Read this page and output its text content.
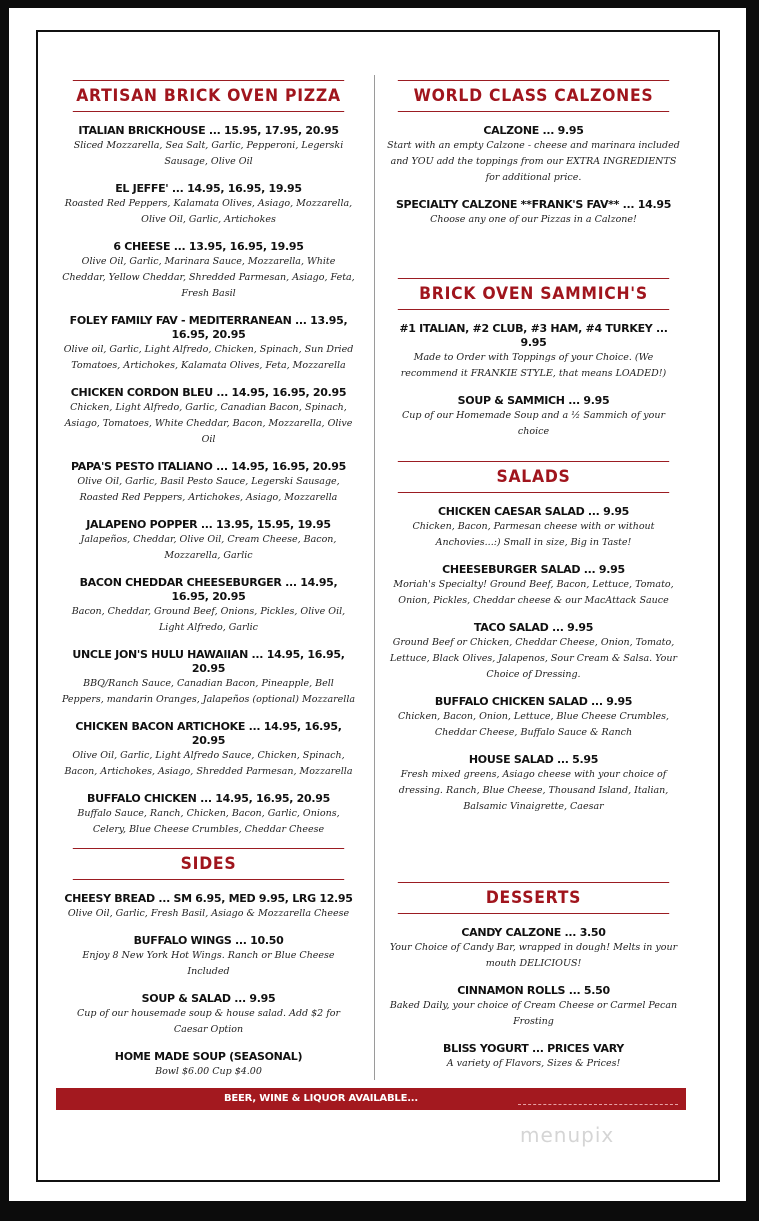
ARTISAN BRICK OVEN PIZZA
ITALIAN BRICKHOUSE ... 15.95, 17.95, 20.95
Sliced Mozzarella, Sea Salt, Garlic, Pepperoni, Legerski Sausage, Olive Oil
EL JEFFE' ... 14.95, 16.95, 19.95
Roasted Red Peppers, Kalamata Olives, Asiago, Mozzarella, Olive Oil, Garlic, Artichokes
6 CHEESE ... 13.95, 16.95, 19.95
Olive Oil, Garlic, Marinara Sauce, Mozzarella, White Cheddar, Yellow Cheddar, Shredded Parmesan, Asiago, Feta, Fresh Basil
FOLEY FAMILY FAV - MEDITERRANEAN ... 13.95, 16.95, 20.95
Olive oil, Garlic, Light Alfredo, Chicken, Spinach, Sun Dried Tomatoes, Artichokes, Kalamata Olives, Feta, Mozzarella
CHICKEN CORDON BLEU ... 14.95, 16.95, 20.95
Chicken, Light Alfredo, Garlic, Canadian Bacon, Spinach, Asiago, Tomatoes, White Cheddar, Bacon, Mozzarella, Olive Oil
PAPA'S PESTO ITALIANO ... 14.95, 16.95, 20.95
Olive Oil, Garlic, Basil Pesto Sauce, Legerski Sausage, Roasted Red Peppers, Artichokes, Asiago, Mozzarella
JALAPENO POPPER ... 13.95, 15.95, 19.95
Jalapeños, Cheddar, Olive Oil, Cream Cheese, Bacon, Mozzarella, Garlic
BACON CHEDDAR CHEESEBURGER ... 14.95, 16.95, 20.95
Bacon, Cheddar, Ground Beef, Onions, Pickles, Olive Oil, Light Alfredo, Garlic
UNCLE JON'S HULU HAWAIIAN ... 14.95, 16.95, 20.95
BBQ/Ranch Sauce, Canadian Bacon, Pineapple, Bell Peppers, mandarin Oranges, Jalapeños (optional) Mozzarella
CHICKEN BACON ARTICHOKE ... 14.95, 16.95, 20.95
Olive Oil, Garlic, Light Alfredo Sauce, Chicken, Spinach, Bacon, Artichokes, Asiago, Shredded Parmesan, Mozzarella
BUFFALO CHICKEN ... 14.95, 16.95, 20.95
Buffalo Sauce, Ranch, Chicken, Bacon, Garlic, Onions, Celery, Blue Cheese Crumbles, Cheddar Cheese
SIDES
CHEESY BREAD ... SM 6.95, MED 9.95, LRG 12.95
Olive Oil, Garlic, Fresh Basil, Asiago & Mozzarella Cheese
BUFFALO WINGS ... 10.50
Enjoy 8 New York Hot Wings. Ranch or Blue Cheese Included
SOUP & SALAD ... 9.95
Cup of our housemade soup & house salad. Add $2 for Caesar Option
HOME MADE SOUP (SEASONAL)
Bowl $6.00 Cup $4.00
WORLD CLASS CALZONES
CALZONE ... 9.95
Start with an empty Calzone - cheese and marinara included and YOU add the toppings from our EXTRA INGREDIENTS for additional price.
SPECIALTY CALZONE **FRANK'S FAV** ... 14.95
Choose any one of our Pizzas in a Calzone!
BRICK OVEN SAMMICH'S
#1 ITALIAN, #2 CLUB, #3 HAM, #4 TURKEY ... 9.95
Made to Order with Toppings of your Choice. (We recommend it FRANKIE STYLE, that means LOADED!)
SOUP & SAMMICH ... 9.95
Cup of our Homemade Soup and a ½ Sammich of your choice
SALADS
CHICKEN CAESAR SALAD ... 9.95
Chicken, Bacon, Parmesan cheese with or without Anchovies...:) Small in size, Big in Taste!
CHEESEBURGER SALAD ... 9.95
Moriah's Specialty! Ground Beef, Bacon, Lettuce, Tomato, Onion, Pickles, Cheddar cheese & our MacAttack Sauce
TACO SALAD ... 9.95
Ground Beef or Chicken, Cheddar Cheese, Onion, Tomato, Lettuce, Black Olives, Jalapenos, Sour Cream & Salsa. Your Choice of Dressing.
BUFFALO CHICKEN SALAD ... 9.95
Chicken, Bacon, Onion, Lettuce, Blue Cheese Crumbles, Cheddar Cheese, Buffalo Sauce & Ranch
HOUSE SALAD ... 5.95
Fresh mixed greens, Asiago cheese with your choice of dressing. Ranch, Blue Cheese, Thousand Island, Italian, Balsamic Vinaigrette, Caesar
DESSERTS
CANDY CALZONE ... 3.50
Your Choice of Candy Bar, wrapped in dough! Melts in your mouth DELICIOUS!
CINNAMON ROLLS ... 5.50
Baked Daily, your choice of Cream Cheese or Carmel Pecan Frosting
BLISS YOGURT ... PRICES VARY
A variety of Flavors, Sizes & Prices!
BEER, WINE & LIQUOR AVAILABLE...
menupix
